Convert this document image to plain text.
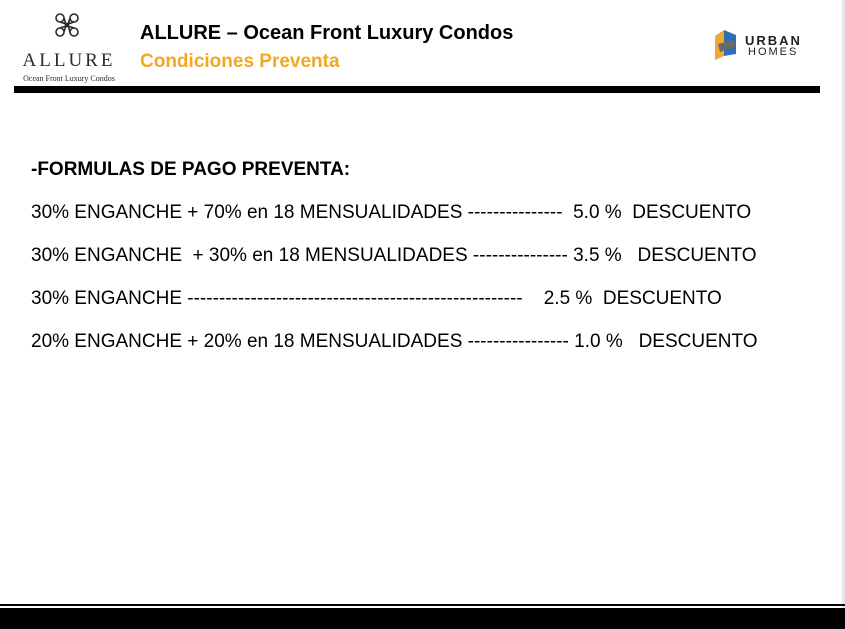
ALLURE
Ocean Front Luxury Condos
ALLURE – Ocean Front Luxury Condos
Condiciones Preventa
URBAN
HOMES
-FORMULAS DE PAGO PREVENTA:
30% ENGANCHE + 70% en 18 MENSUALIDADES ---------------  5.0 %  DESCUENTO
30% ENGANCHE  + 30% en 18 MENSUALIDADES --------------- 3.5 %   DESCUENTO
30% ENGANCHE -----------------------------------------------------    2.5 %  DESCUENTO
20% ENGANCHE + 20% en 18 MENSUALIDADES ---------------- 1.0 %   DESCUENTO
